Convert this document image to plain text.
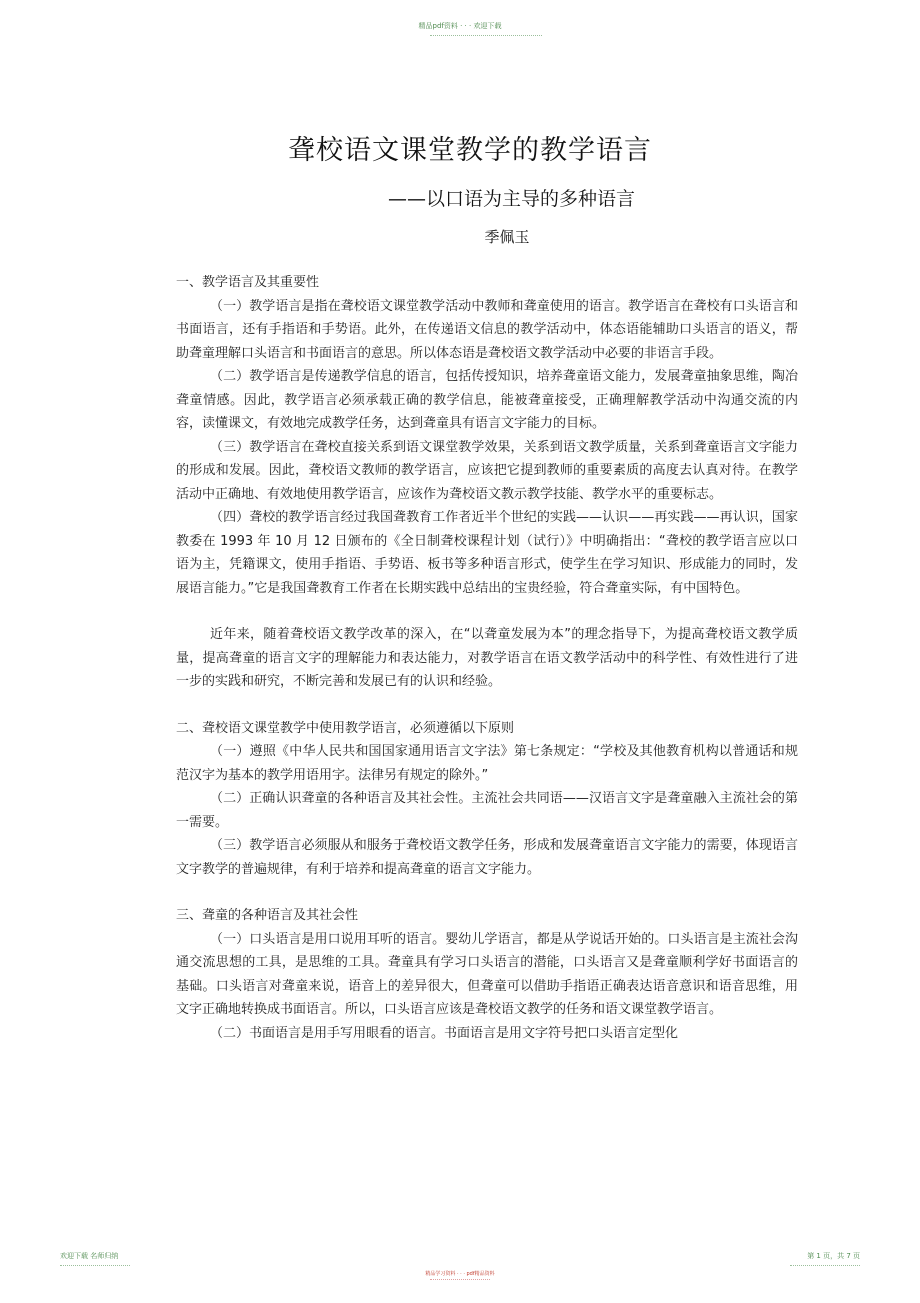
精品pdf资料 · · · 欢迎下载
聋校语文课堂教学的教学语言
——以口语为主导的多种语言
季佩玉

一、教学语言及其重要性

（一）教学语言是指在聋校语文课堂教学活动中教师和聋童使用的语言。教学语言在聋校有口头语言和书面语言，还有手指语和手势语。此外，在传递语文信息的教学活动中，体态语能辅助口头语言的语义，帮助聋童理解口头语言和书面语言的意思。所以体态语是聋校语文教学活动中必要的非语言手段。

（二）教学语言是传递教学信息的语言，包括传授知识，培养聋童语文能力，发展聋童抽象思维，陶冶聋童情感。因此，教学语言必须承载正确的教学信息，能被聋童接受，正确理解教学活动中沟通交流的内容，读懂课文，有效地完成教学任务，达到聋童具有语言文字能力的目标。

（三）教学语言在聋校直接关系到语文课堂教学效果，关系到语文教学质量，关系到聋童语言文字能力的形成和发展。因此，聋校语文教师的教学语言，应该把它提到教师的重要素质的高度去认真对待。在教学活动中正确地、有效地使用教学语言，应该作为聋校语文教示教学技能、教学水平的重要标志。

（四）聋校的教学语言经过我国聋教育工作者近半个世纪的实践——认识——再实践——再认识，国家教委在 1993 年 10 月 12 日颁布的《全日制聋校课程计划（试行）》中明确指出：“聋校的教学语言应以口语为主，凭籍课文，使用手指语、手势语、板书等多种语言形式，使学生在学习知识、形成能力的同时，发展语言能力。”它是我国聋教育工作者在长期实践中总结出的宝贵经验，符合聋童实际，有中国特色。

近年来，随着聋校语文教学改革的深入，在“以聋童发展为本”的理念指导下，为提高聋校语文教学质量，提高聋童的语言文字的理解能力和表达能力，对教学语言在语文教学活动中的科学性、有效性进行了进一步的实践和研究，不断完善和发展已有的认识和经验。

二、聋校语文课堂教学中使用教学语言，必须遵循以下原则

（一）遵照《中华人民共和国国家通用语言文字法》第七条规定：“学校及其他教育机构以普通话和规范汉字为基本的教学用语用字。法律另有规定的除外。”

（二）正确认识聋童的各种语言及其社会性。主流社会共同语——汉语言文字是聋童融入主流社会的第一需要。

（三）教学语言必须服从和服务于聋校语文教学任务，形成和发展聋童语言文字能力的需要，体现语言文字教学的普遍规律，有利于培养和提高聋童的语言文字能力。

三、聋童的各种语言及其社会性

（一）口头语言是用口说用耳听的语言。婴幼儿学语言，都是从学说话开始的。口头语言是主流社会沟通交流思想的工具，是思维的工具。聋童具有学习口头语言的潜能，口头语言又是聋童顺利学好书面语言的基础。口头语言对聋童来说，语音上的差异很大，但聋童可以借助手指语正确表达语音意识和语音思维，用文字正确地转换成书面语言。所以，口头语言应该是聋校语文教学的任务和语文课堂教学语言。

（二）书面语言是用手写用眼看的语言。书面语言是用文字符号把口头语言定型化

欢迎下载 名师归纳	第 1 页，共 7 页
精品学习资料 · · · pdf精品资料
